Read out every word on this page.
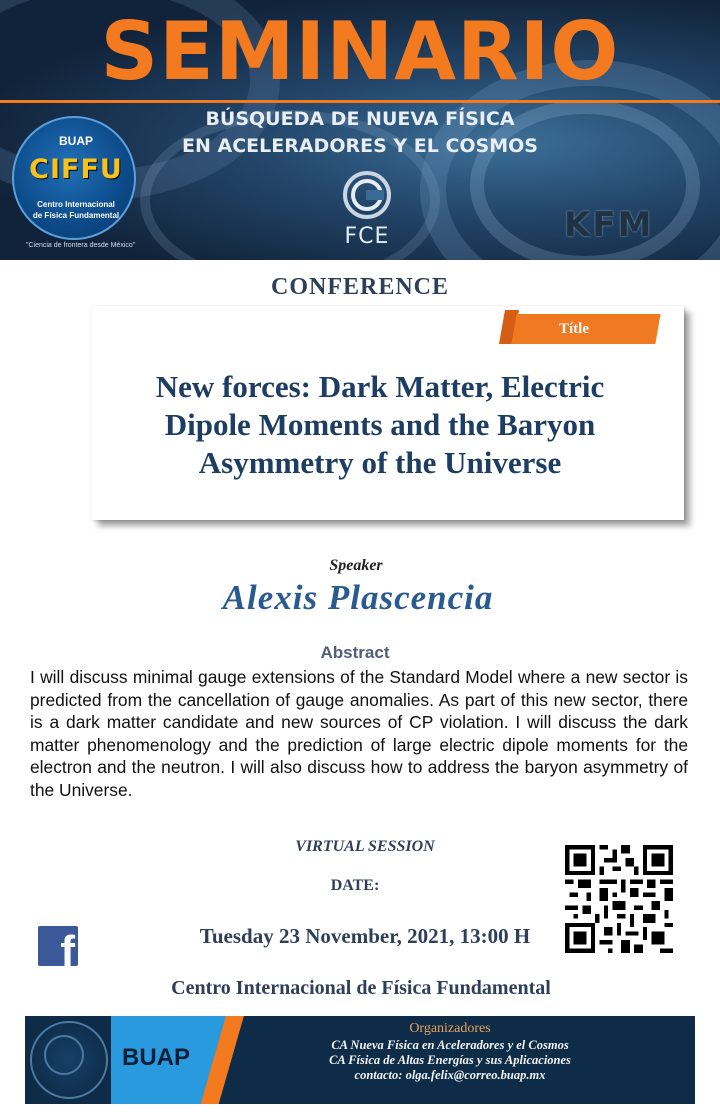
SEMINARIO
BÚSQUEDA DE NUEVA FÍSICA
EN ACELERADORES Y EL COSMOS
BUAP
CIFFU
Centro Internacional
de Física Fundamental
"Ciencia de frontera desde México"	FCE	KFM
CONFERENCE
Títle
New forces: Dark Matter, Electric Dipole Moments and the Baryon Asymmetry of the Universe
Speaker
Alexis Plascencia
Abstract
I will discuss minimal gauge extensions of the Standard Model where a new sector is predicted from the cancellation of gauge anomalies. As part of this new sector, there is a dark matter candidate and new sources of CP violation. I will discuss the dark matter phenomenology and the prediction of large electric dipole moments for the electron and the neutron. I will also discuss how to address the baryon asymmetry of the Universe.
VIRTUAL SESSION
DATE:
Tuesday 23 November, 2021, 13:00 H
f
Centro Internacional de Física Fundamental
BUAP
Organizadores
CA Nueva Física en Aceleradores y el Cosmos
CA Física de Altas Energías y sus Aplicaciones
contacto: olga.felix@correo.buap.mx
